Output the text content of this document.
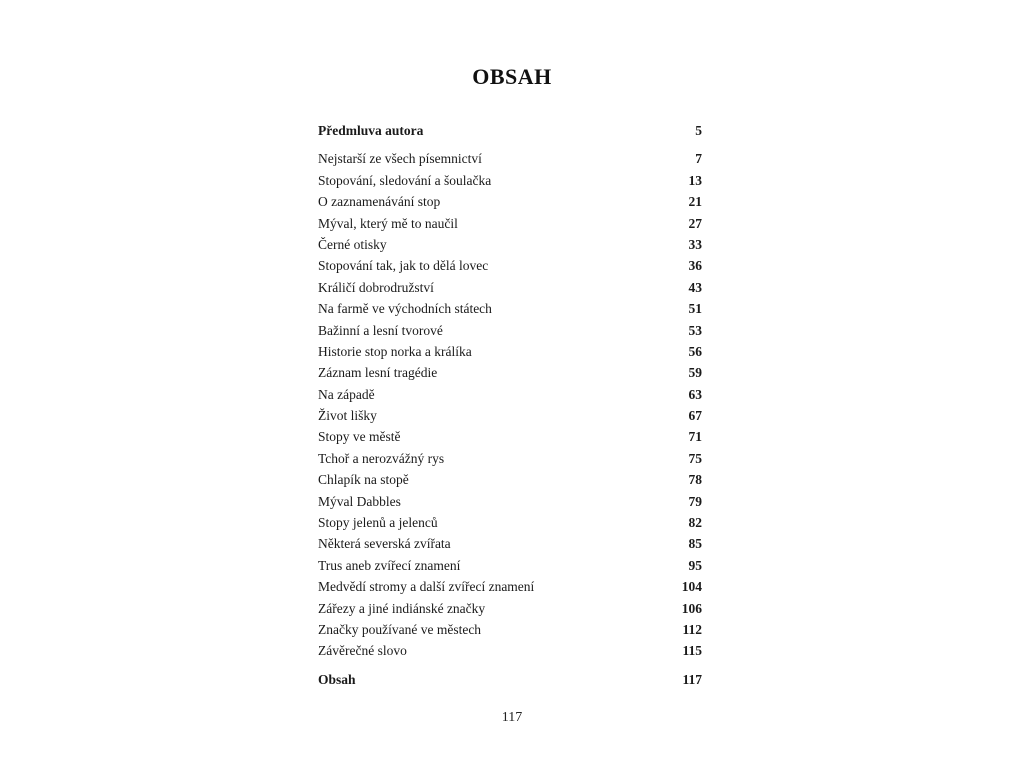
OBSAH
Předmluva autora	5
Nejstarší ze všech písemnictví	7
Stopování, sledování a šoulačka	13
O zaznamenávání stop	21
Mýval, který mě to naučil	27
Černé otisky	33
Stopování tak, jak to dělá lovec	36
Králičí dobrodružství	43
Na farmě ve východních státech	51
Bažinní a lesní tvorové	53
Historie stop norka a králíka	56
Záznam lesní tragédie	59
Na západě	63
Život lišky	67
Stopy ve městě	71
Tchoř a nerozvážný rys	75
Chlapík na stopě	78
Mýval Dabbles	79
Stopy jelenů a jelenců	82
Některá severská zvířata	85
Trus aneb zvířecí znamení	95
Medvědí stromy a další zvířecí znamení	104
Zářezy a jiné indiánské značky	106
Značky používané ve městech	112
Závěrečné slovo	115
Obsah	117
117
